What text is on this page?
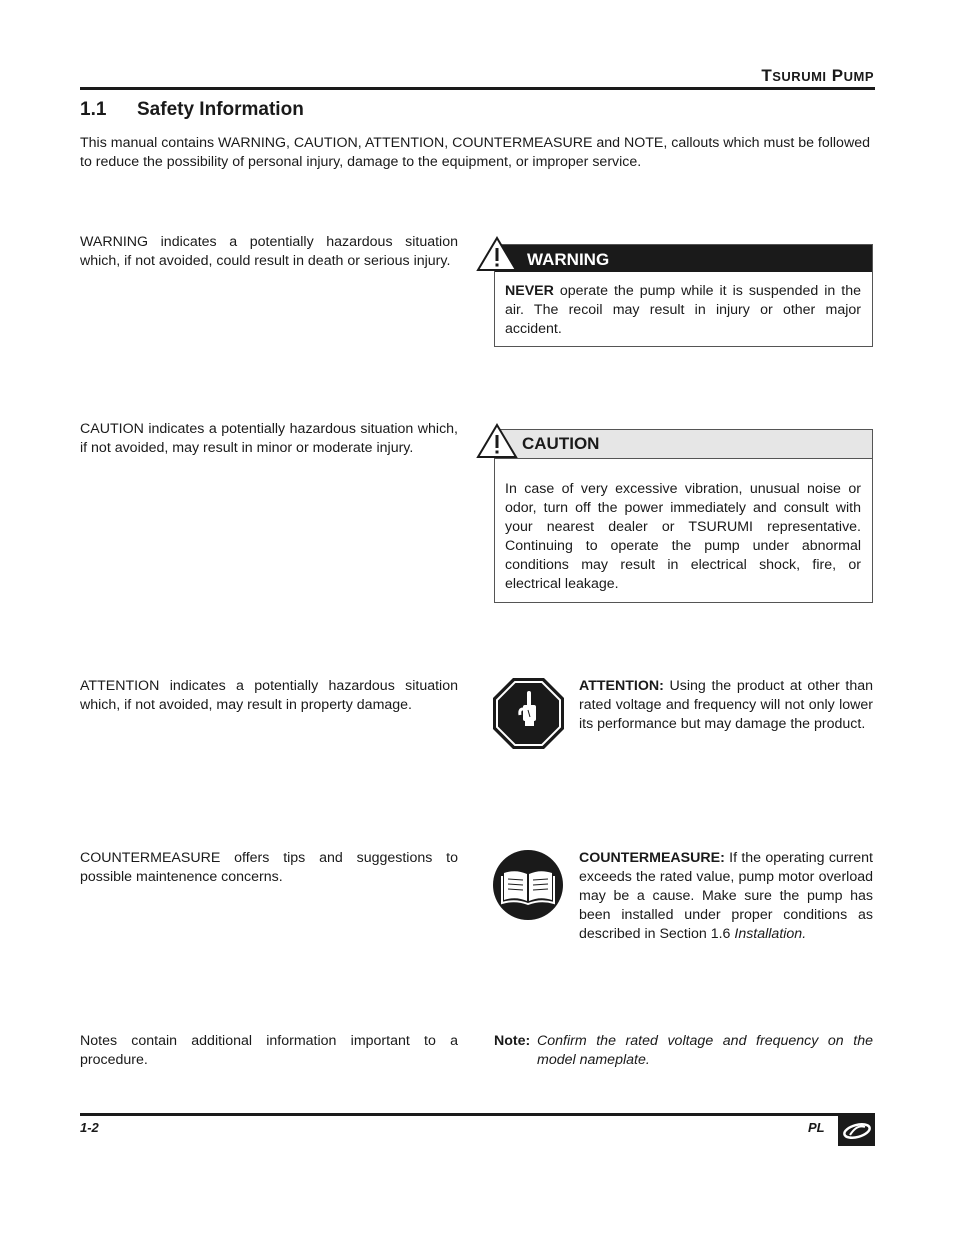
TSURUMI PUMP
1.1 Safety Information
This manual contains WARNING, CAUTION, ATTENTION, COUNTERMEASURE and NOTE, callouts which must be followed to reduce the possibility of personal injury, damage to the equipment, or improper service.
WARNING indicates a potentially hazardous situation which, if not avoided, could result in death or serious injury.	WARNING
NEVER operate the pump while it is suspended in the air. The recoil may result in injury or other major accident.
CAUTION indicates a potentially hazardous situation which, if not avoided, may result in minor or moderate injury.	CAUTION
In case of very excessive vibration, unusual noise or odor, turn off the power immediately and consult with your nearest dealer or TSURUMI representative. Continuing to operate the pump under abnormal conditions may result in electrical shock, fire, or electrical leakage.
ATTENTION indicates a potentially hazardous situation which, if not avoided, may result in property damage.
ATTENTION: Using the product at other than rated voltage and frequency will not only lower its performance but may damage the product.
COUNTERMEASURE offers tips and suggestions to possible maintenence concerns.
COUNTERMEASURE: If the operating current exceeds the rated value, pump motor overload may be a cause. Make sure the pump has been installed under proper conditions as described in Section 1.6 Installation.
Notes contain additional information important to a procedure.
Note: Confirm the rated voltage and frequency on the model nameplate.
1-2	PL
